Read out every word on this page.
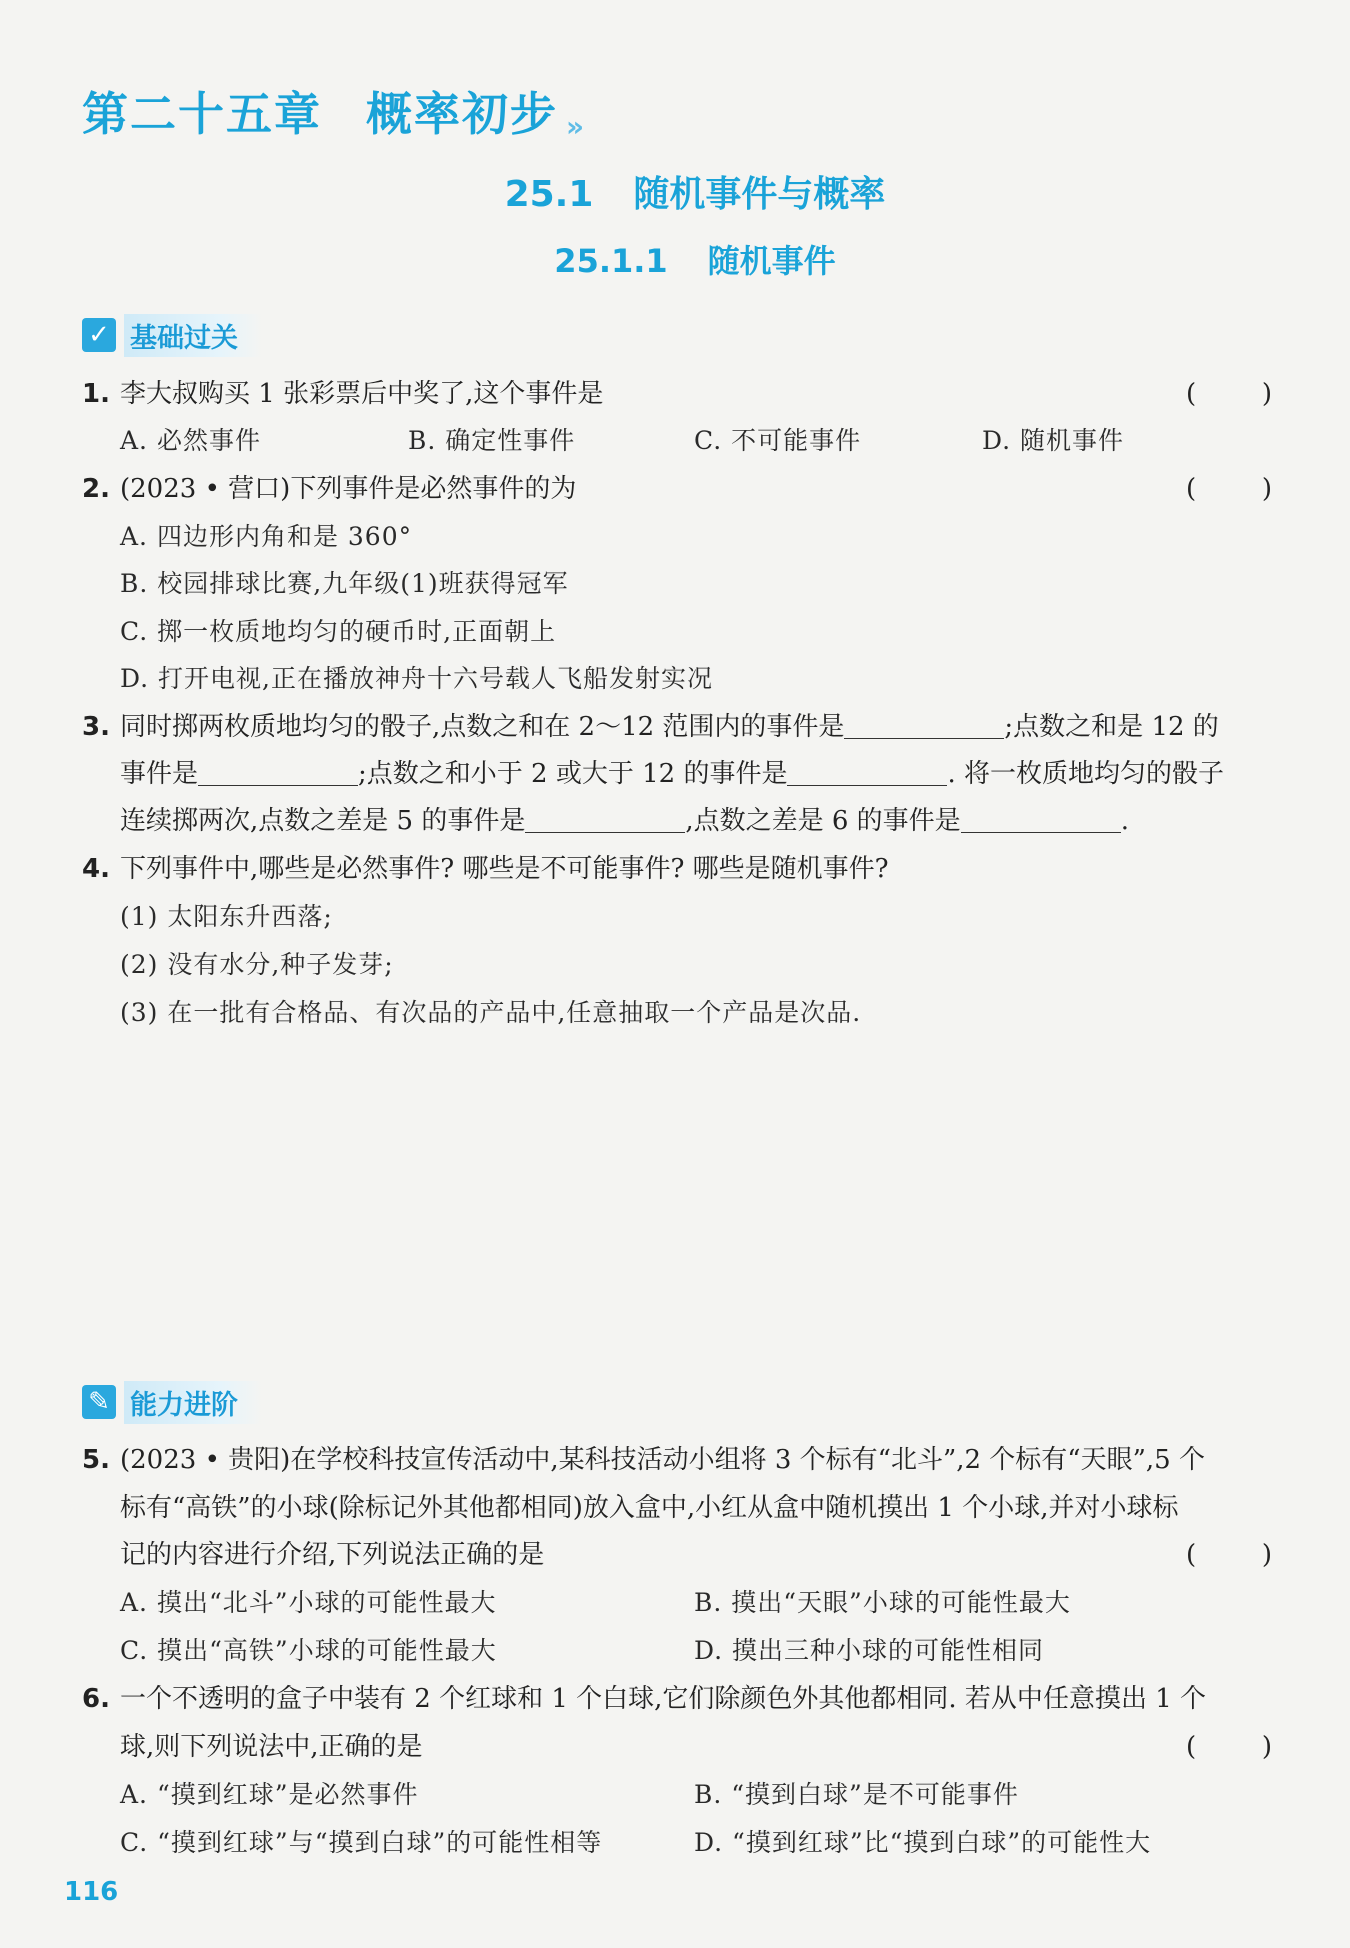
第二十五章 概率初步 »
25.1 随机事件与概率
25.1.1 随机事件
✓ 基础过关
1. 李大叔购买 1 张彩票后中奖了,这个事件是	(	)
A. 必然事件	B. 确定性事件	C. 不可能事件	D. 随机事件
2. (2023 • 营口)下列事件是必然事件的为	(	)
A. 四边形内角和是 360°
B. 校园排球比赛,九年级(1)班获得冠军
C. 掷一枚质地均匀的硬币时,正面朝上
D. 打开电视,正在播放神舟十六号载人飞船发射实况
3. 同时掷两枚质地均匀的骰子,点数之和在 2～12 范围内的事件是	;点数之和是 12 的
事件是	;点数之和小于 2 或大于 12 的事件是	. 将一枚质地均匀的骰子
连续掷两次,点数之差是 5 的事件是	,点数之差是 6 的事件是	.
4. 下列事件中,哪些是必然事件? 哪些是不可能事件? 哪些是随机事件?
(1) 太阳东升西落;
(2) 没有水分,种子发芽;
(3) 在一批有合格品、有次品的产品中,任意抽取一个产品是次品.
✎ 能力进阶
5. (2023 • 贵阳)在学校科技宣传活动中,某科技活动小组将 3 个标有“北斗”,2 个标有“天眼”,5 个
标有“高铁”的小球(除标记外其他都相同)放入盒中,小红从盒中随机摸出 1 个小球,并对小球标
记的内容进行介绍,下列说法正确的是	(	)
A. 摸出“北斗”小球的可能性最大	B. 摸出“天眼”小球的可能性最大
C. 摸出“高铁”小球的可能性最大	D. 摸出三种小球的可能性相同
6. 一个不透明的盒子中装有 2 个红球和 1 个白球,它们除颜色外其他都相同. 若从中任意摸出 1 个
球,则下列说法中,正确的是	(	)
A. “摸到红球”是必然事件	B. “摸到白球”是不可能事件
C. “摸到红球”与“摸到白球”的可能性相等	D. “摸到红球”比“摸到白球”的可能性大
116
